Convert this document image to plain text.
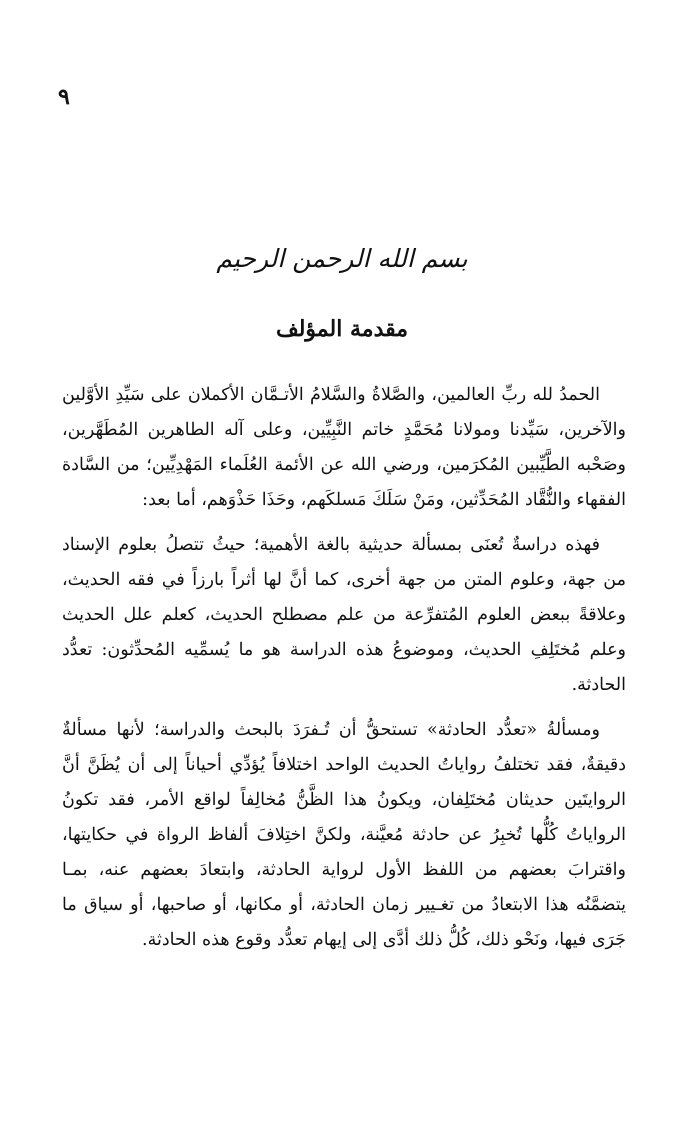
٩
بسم الله الرحمن الرحيم
مقدمة المؤلف

الحمدُ لله ربِّ العالمين، والصَّلاةُ والسَّلامُ الأتـمَّان الأكملان على سَيِّدِ الأوَّلين والآخرين، سَيِّدنا ومولانا مُحَمَّدٍ خاتم النَّبِيِّين، وعلى آله الطاهرين المُطَهَّرين، وصَحْبه الطَّيِّبين المُكرَمين، ورضي الله عن الأئمة العُلَماء المَهْدِيِّين؛ من السَّادة الفقهاء والنُّقَّاد المُحَدِّثين، ومَنْ سَلَكَ مَسلكَهم، وحَذَا حَذْوَهم، أما بعد:

فهذه دراسةٌ تُعنَى بمسألة حديثية بالغة الأهمية؛ حيثُ تتصلُ بعلوم الإسناد من جهة، وعلوم المتن من جهة أخرى، كما أنَّ لها أثراً بارزاً في فقه الحديث، وعلاقةً ببعض العلوم المُتفرِّعة من علم مصطلح الحديث، كعلم علل الحديث وعلم مُختَلِفِ الحديث، وموضوعُ هذه الدراسة هو ما يُسمِّيه المُحدِّثون: تعدُّد الحادثة.

ومسألةُ «تعدُّد الحادثة» تستحقُّ أن تُـفرَدَ بالبحث والدراسة؛ لأنها مسألةٌ دقيقةٌ، فقد تختلفُ رواياتُ الحديث الواحد اختلافاً يُؤدِّي أحياناً إلى أن يُظَنَّ أنَّ الروايتَين حديثان مُختَلِفان، ويكونُ هذا الظَّنُّ مُخالِفاً لواقع الأمر، فقد تكونُ الرواياتُ كُلُّها تُخبِرُ عن حادثة مُعيَّنة، ولكنَّ اختِلافَ ألفاظ الرواة في حكايتها، واقترابَ بعضهم من اللفظ الأول لرواية الحادثة، وابتعادَ بعضهم عنه، بمـا يتضمَّنُه هذا الابتعادُ من تغـيير زمان الحادثة، أو مكانها، أو صاحبها، أو سياق ما جَرَى فيها، ونَحْو ذلك، كُلُّ ذلك أدَّى إلى إيهام تعدُّد وقوع هذه الحادثة.
